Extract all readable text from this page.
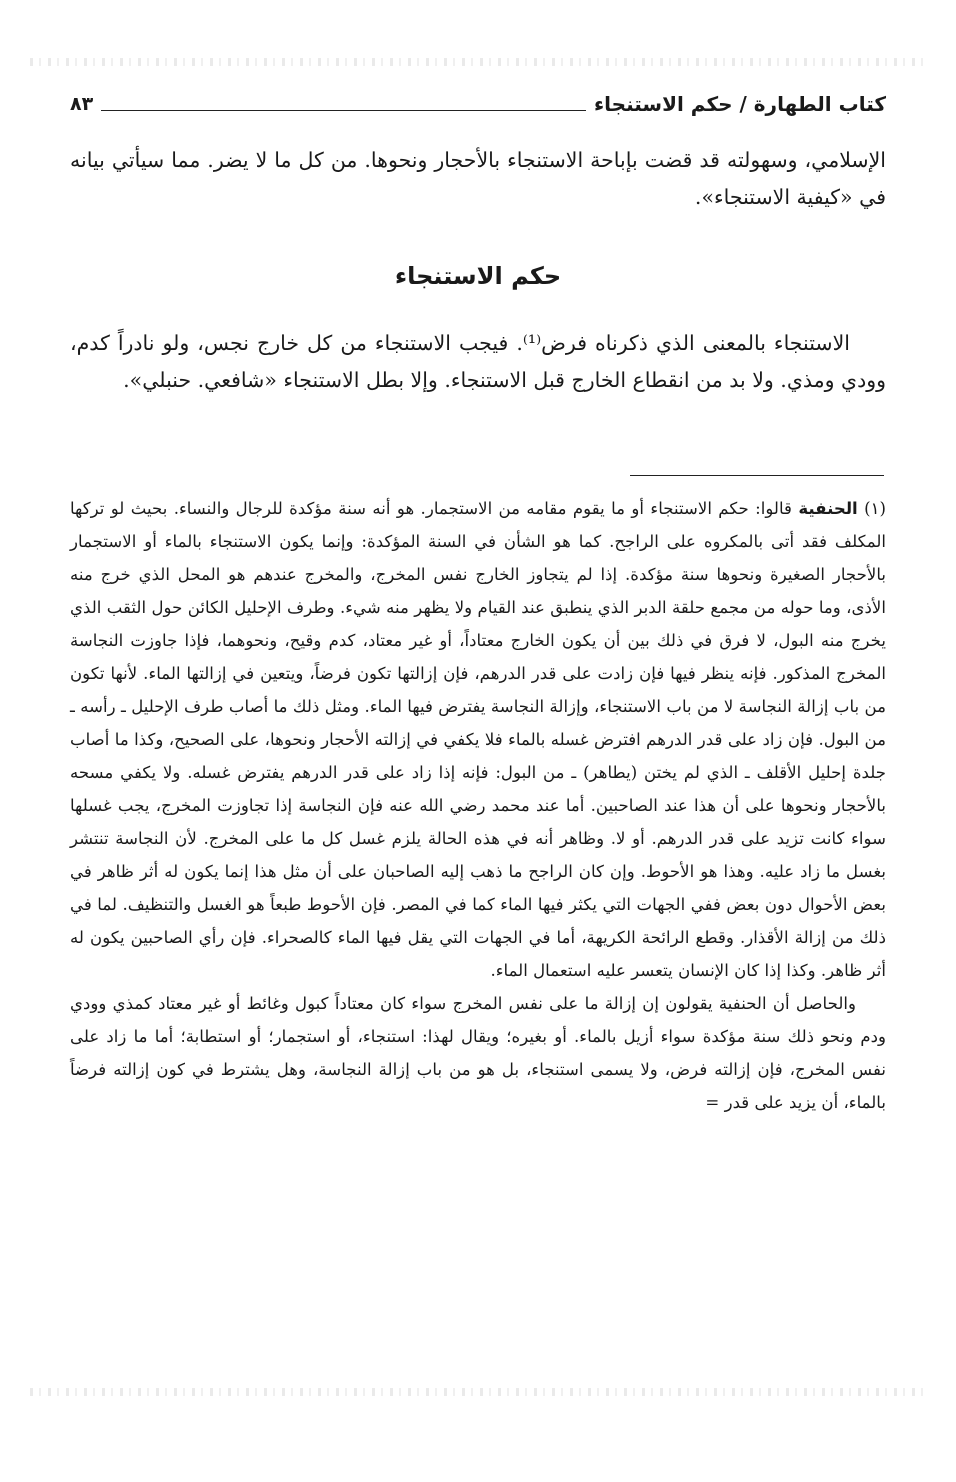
كتاب الطهارة / حكم الاستنجاء
٨٣
الإسلامي، وسهولته قد قضت بإباحة الاستنجاء بالأحجار ونحوها. من كل ما لا يضر. مما سيأتي بيانه في «كيفية الاستنجاء».
حكم الاستنجاء
الاستنجاء بالمعنى الذي ذكرناه فرض⁽¹⁾. فيجب الاستنجاء من كل خارج نجس، ولو نادراً كدم، وودي ومذي. ولا بد من انقطاع الخارج قبل الاستنجاء. وإلا بطل الاستنجاء «شافعي. حنبلي».

(١) الحنفية قالوا: حكم الاستنجاء أو ما يقوم مقامه من الاستجمار. هو أنه سنة مؤكدة للرجال والنساء. بحيث لو تركها المكلف فقد أتى بالمكروه على الراجح. كما هو الشأن في السنة المؤكدة: وإنما يكون الاستنجاء بالماء أو الاستجمار بالأحجار الصغيرة ونحوها سنة مؤكدة. إذا لم يتجاوز الخارج نفس المخرج، والمخرج عندهم هو المحل الذي خرج منه الأذى، وما حوله من مجمع حلقة الدبر الذي ينطبق عند القيام ولا يظهر منه شيء. وطرف الإحليل الكائن حول الثقب الذي يخرج منه البول، لا فرق في ذلك بين أن يكون الخارج معتاداً، أو غير معتاد، كدم وقيح، ونحوهما، فإذا جاوزت النجاسة المخرج المذكور. فإنه ينظر فيها فإن زادت على قدر الدرهم، فإن إزالتها تكون فرضاً، ويتعين في إزالتها الماء. لأنها تكون من باب إزالة النجاسة لا من باب الاستنجاء، وإزالة النجاسة يفترض فيها الماء. ومثل ذلك ما أصاب طرف الإحليل ـ رأسه ـ من البول. فإن زاد على قدر الدرهم افترض غسله بالماء فلا يكفي في إزالته الأحجار ونحوها، على الصحيح، وكذا ما أصاب جلدة إحليل الأقلف ـ الذي لم يختن (يطاهر) ـ من البول: فإنه إذا زاد على قدر الدرهم يفترض غسله. ولا يكفي مسحه بالأحجار ونحوها على أن هذا عند الصاحبين. أما عند محمد رضي الله عنه فإن النجاسة إذا تجاوزت المخرج، يجب غسلها سواء كانت تزيد على قدر الدرهم. أو لا. وظاهر أنه في هذه الحالة يلزم غسل كل ما على المخرج. لأن النجاسة تنتشر بغسل ما زاد عليه. وهذا هو الأحوط. وإن كان الراجح ما ذهب إليه الصاحبان على أن مثل هذا إنما يكون له أثر ظاهر في بعض الأحوال دون بعض ففي الجهات التي يكثر فيها الماء كما في المصر. فإن الأحوط طبعاً هو الغسل والتنظيف. لما في ذلك من إزالة الأقذار. وقطع الرائحة الكريهة، أما في الجهات التي يقل فيها الماء كالصحراء. فإن رأي الصاحبين يكون له أثر ظاهر. وكذا إذا كان الإنسان يتعسر عليه استعمال الماء.

والحاصل أن الحنفية يقولون إن إزالة ما على نفس المخرج سواء كان معتاداً كبول وغائط أو غير معتاد كمذي وودي ودم ونحو ذلك سنة مؤكدة سواء أزيل بالماء. أو بغيره؛ ويقال لهذا: استنجاء، أو استجمار؛ أو استطابة؛ أما ما زاد على نفس المخرج، فإن إزالته فرض، ولا يسمى استنجاء، بل هو من باب إزالة النجاسة، وهل يشترط في كون إزالته فرضاً بالماء، أن يزيد على قدر =
